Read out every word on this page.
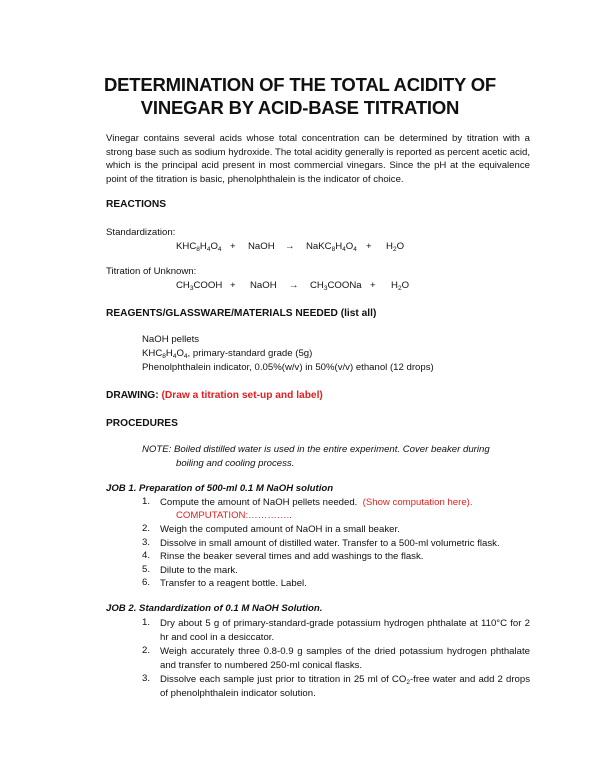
DETERMINATION OF THE TOTAL ACIDITY OF
VINEGAR BY ACID-BASE TITRATION

Vinegar contains several acids whose total concentration can be determined by titration with a strong base such as sodium hydroxide. The total acidity generally is reported as percent acetic acid, which is the principal acid present in most commercial vinegars. Since the pH at the equivalence point of the titration is basic, phenolphthalein is the indicator of choice.

REACTIONS
Standardization:
$KHC_8H_4O_4$ + NaOH → $NaKC_8H_4O_4 + H_2O$
Titration of Unknown:
$CH_3COOH$ + NaOH → $CH_3COONa + H_2O$
REAGENTS/GLASSWARE/MATERIALS NEEDED (list all)
NaOH pellets
$KHC_8H_4O_4$, primary-standard grade (5g)
Phenolphthalein indicator, 0.05%(w/v) in 50%(v/v) ethanol (12 drops)
DRAWING: (Draw a titration set-up and label)
PROCEDURES
NOTE: Boiled distilled water is used in the entire experiment. Cover beaker during
boiling and cooling process.
JOB 1. Preparation of 500-ml 0.1 M NaOH solution
1. Compute the amount of NaOH pellets needed. (Show computation here).
COMPUTATION:…………..
2. Weigh the computed amount of NaOH in a small beaker.
3. Dissolve in small amount of distilled water. Transfer to a 500-ml volumetric flask.
4. Rinse the beaker several times and add washings to the flask.
5. Dilute to the mark.
6. Transfer to a reagent bottle. Label.
JOB 2. Standardization of 0.1 M NaOH Solution.
1. Dry about 5 g of primary-standard-grade potassium hydrogen phthalate at 110°C for 2 hr and cool in a desiccator.
2. Weigh accurately three 0.8-0.9 g samples of the dried potassium hydrogen phthalate and transfer to numbered 250-ml conical flasks.
3. Dissolve each sample just prior to titration in 25 ml of $CO_2$-free water and add 2 drops of phenolphthalein indicator solution.
